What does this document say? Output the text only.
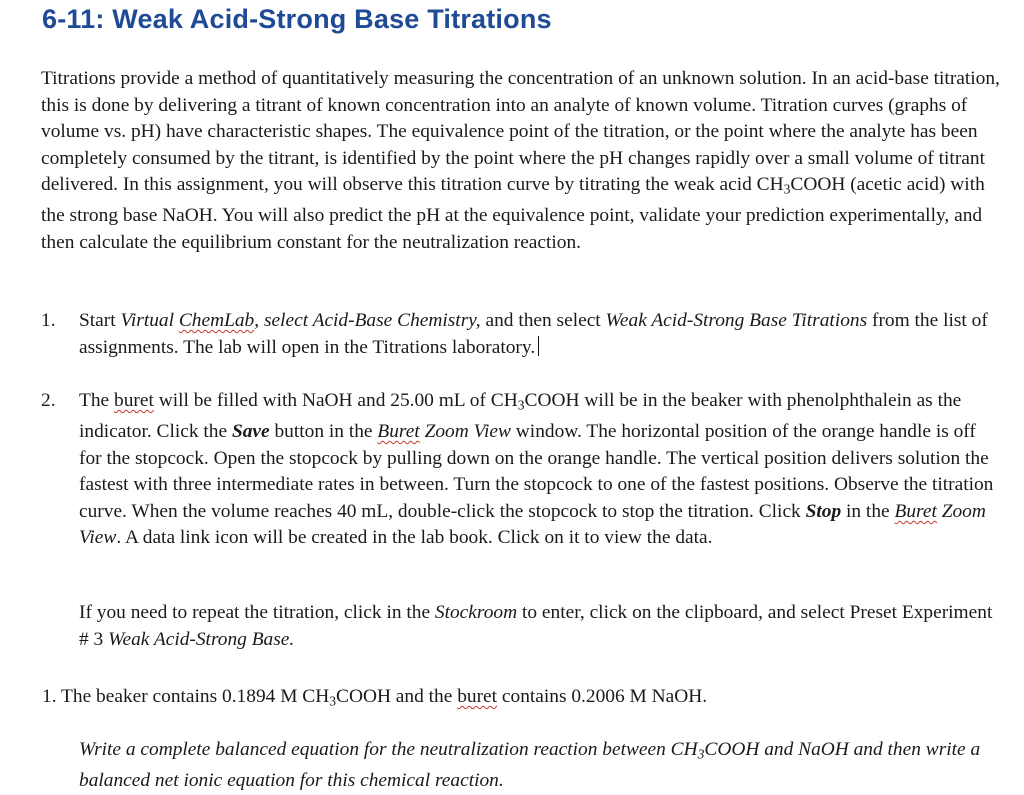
6-11: Weak Acid-Strong Base Titrations

Titrations provide a method of quantitatively measuring the concentration of an unknown solution. In an acid-base titration, this is done by delivering a titrant of known concentration into an analyte of known volume. Titration curves (graphs of volume vs. pH) have characteristic shapes. The equivalence point of the titration, or the point where the analyte has been completely consumed by the titrant, is identified by the point where the pH changes rapidly over a small volume of titrant delivered. In this assignment, you will observe this titration curve by titrating the weak acid $CH_3COOH$ (acetic acid) with the strong base NaOH. You will also predict the pH at the equivalence point, validate your prediction experimentally, and then calculate the equilibrium constant for the neutralization reaction.

1. Start Virtual ChemLab, select Acid-Base Chemistry, and then select Weak Acid-Strong Base Titrations from the list of assignments. The lab will open in the Titrations laboratory.
2. The buret will be filled with NaOH and 25.00 mL of $CH_3COOH$ will be in the beaker with phenolphthalein as the indicator. Click the Save button in the Buret Zoom View window. The horizontal position of the orange handle is off for the stopcock. Open the stopcock by pulling down on the orange handle. The vertical position delivers solution the fastest with three intermediate rates in between. Turn the stopcock to one of the fastest positions. Observe the titration curve. When the volume reaches 40 mL, double-click the stopcock to stop the titration. Click Stop in the Buret Zoom View. A data link icon will be created in the lab book. Click on it to view the data.

If you need to repeat the titration, click in the Stockroom to enter, click on the clipboard, and select Preset Experiment # 3 Weak Acid-Strong Base.

1. The beaker contains 0.1894 M $CH_3COOH$ and the buret contains 0.2006 M NaOH.

Write a complete balanced equation for the neutralization reaction between $CH_3COOH$ and NaOH and then write a balanced net ionic equation for this chemical reaction.
